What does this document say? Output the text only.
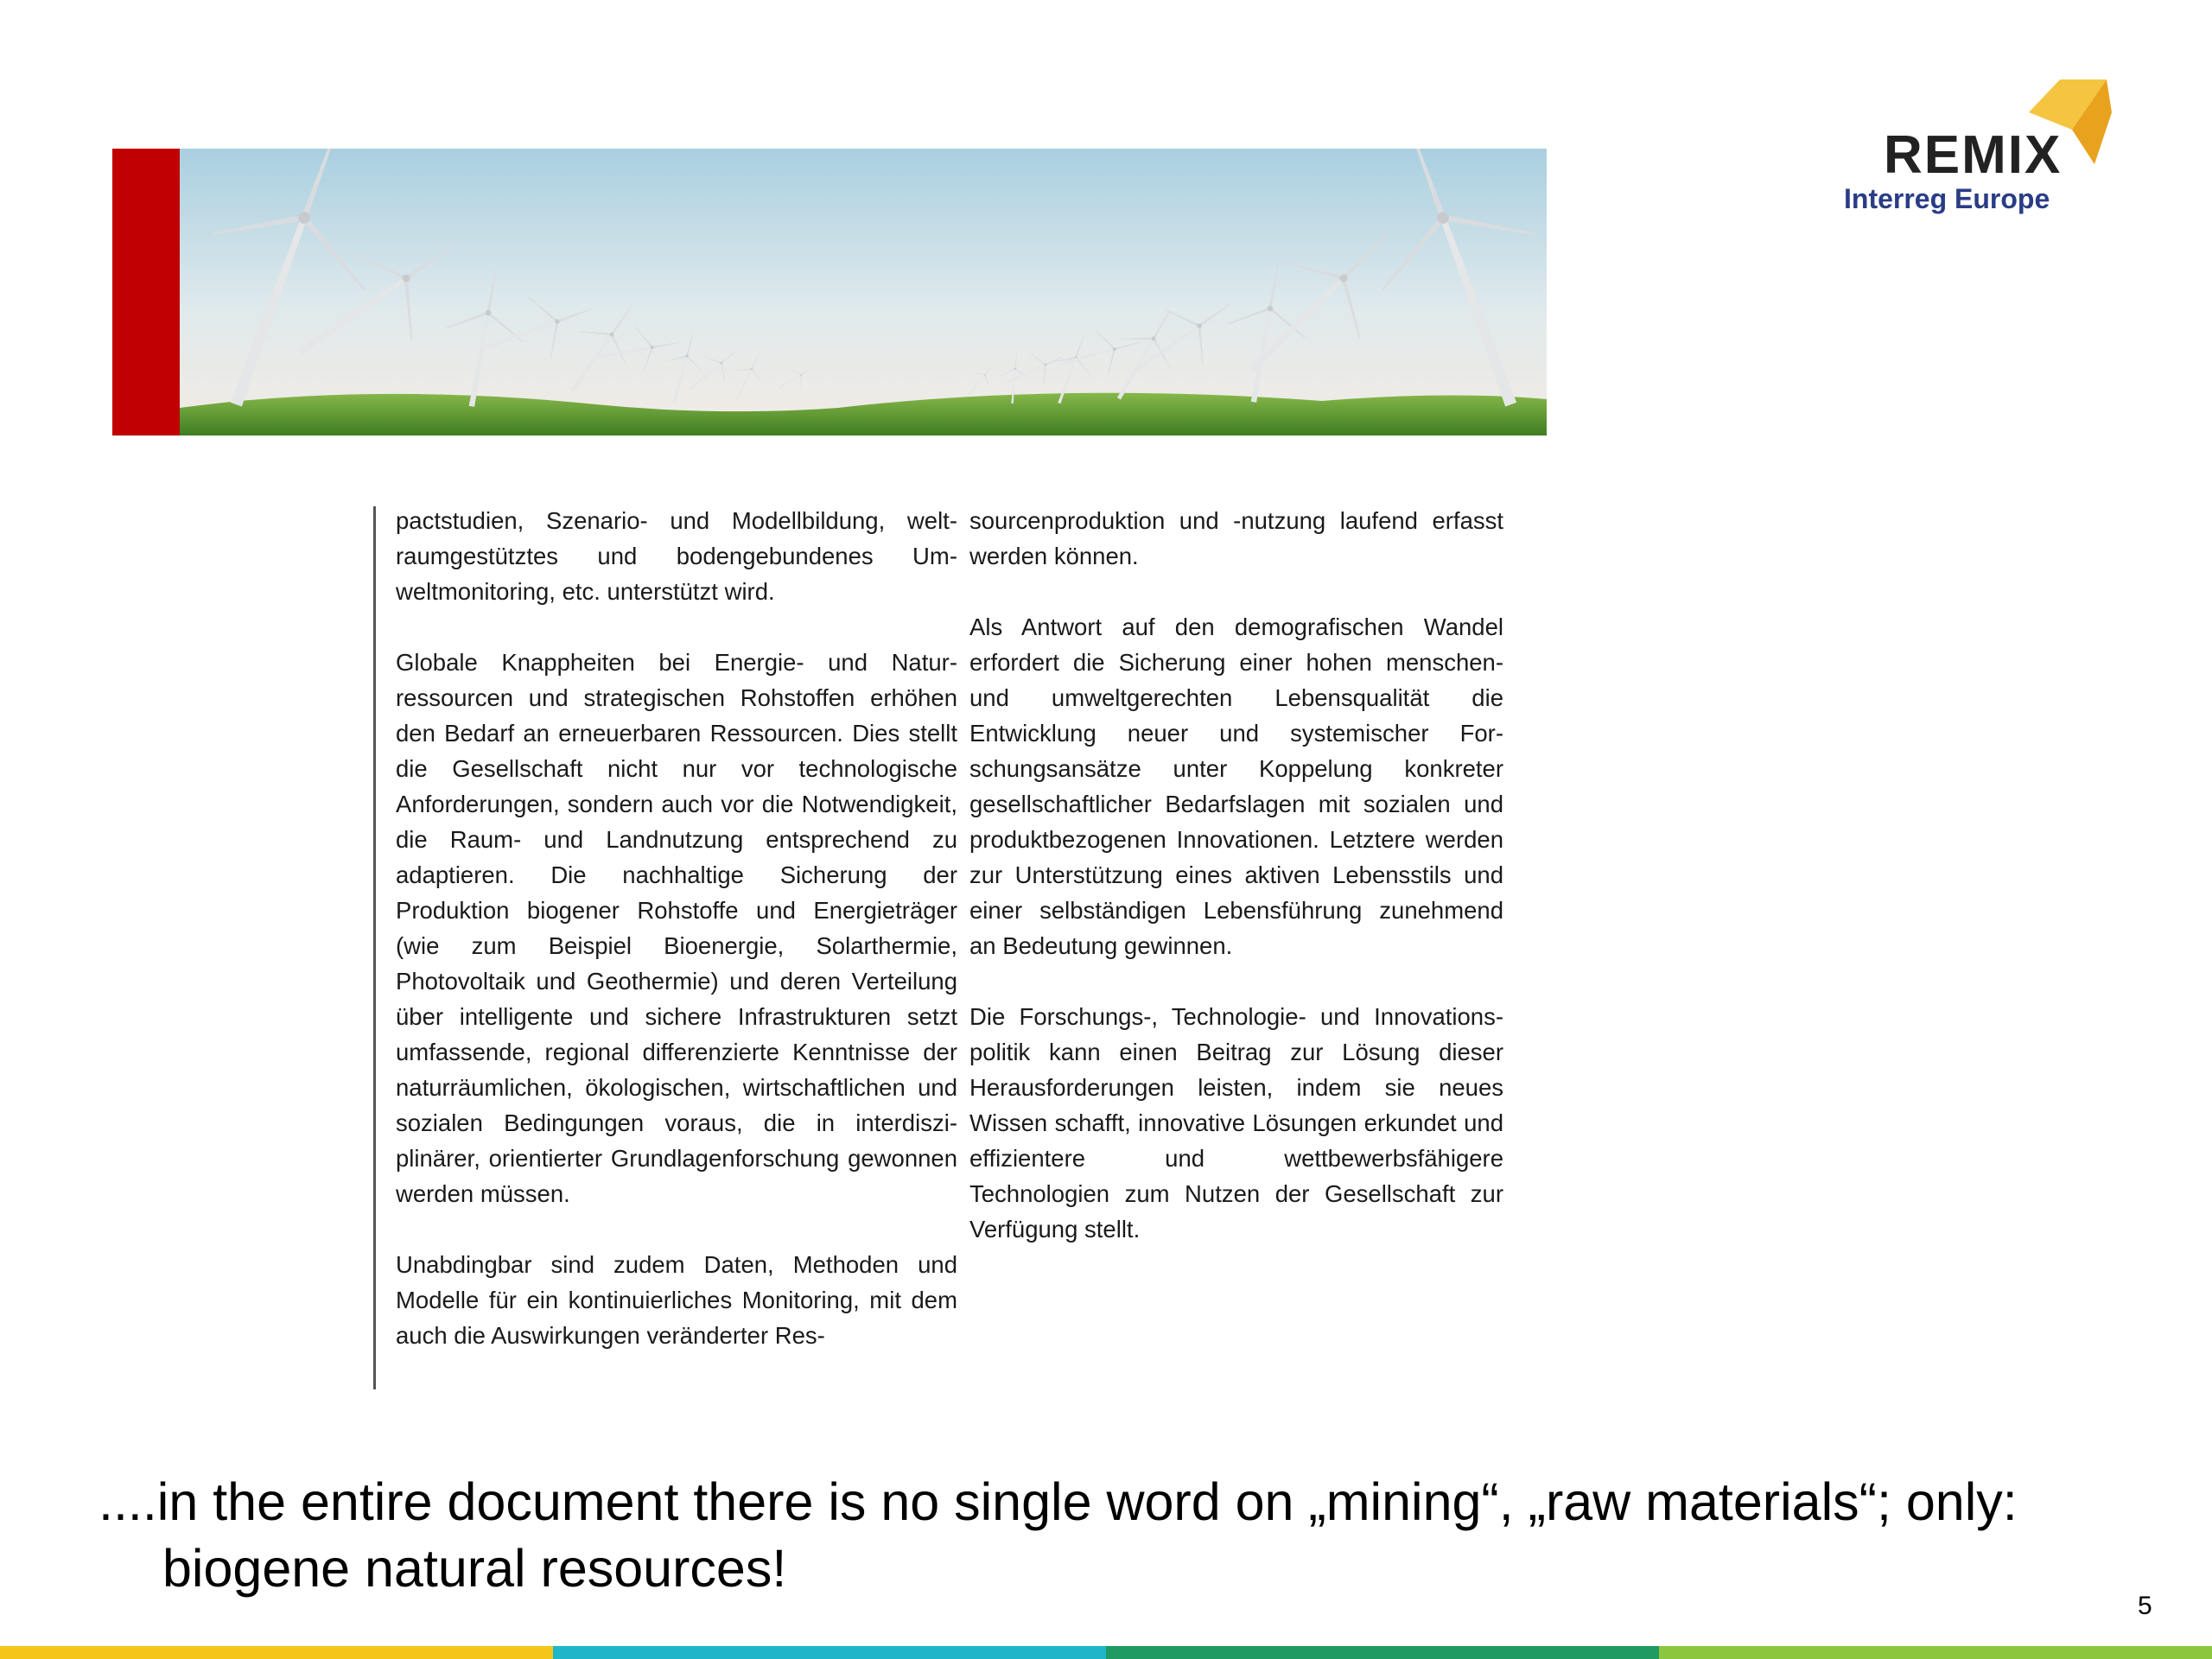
REMIX
Interreg Europe

pactstudien, Szenario- und Modellbildung, weltraumgestütztes und bodengebundenes Umweltmonitoring, etc. unterstützt wird.

Globale Knappheiten bei Energie- und Naturressourcen und strategischen Rohstoffen erhöhen den Bedarf an erneuerbaren Ressourcen. Dies stellt die Gesellschaft nicht nur vor technologische Anforderungen, sondern auch vor die Notwendigkeit, die Raum- und Landnutzung entsprechend zu adaptieren. Die nachhaltige Sicherung der Produktion biogener Rohstoffe und Energieträger (wie zum Beispiel Bioenergie, Solarthermie, Photovoltaik und Geothermie) und deren Verteilung über intelligente und sichere Infrastrukturen setzt umfassende, regional differenzierte Kenntnisse der naturräumlichen, ökologischen, wirtschaftlichen und sozialen Bedingungen voraus, die in interdisziplinärer, orientierter Grundlagenforschung gewonnen werden müssen.

Unabdingbar sind zudem Daten, Methoden und Modelle für ein kontinuierliches Monitoring, mit dem auch die Auswirkungen veränderter Res-

sourcenproduktion und -nutzung laufend erfasst werden können.

Als Antwort auf den demografischen Wandel erfordert die Sicherung einer hohen menschen- und umweltgerechten Lebensqualität die Entwicklung neuer und systemischer Forschungsansätze unter Koppelung konkreter gesellschaftlicher Bedarfslagen mit sozialen und produktbezogenen Innovationen. Letztere werden zur Unterstützung eines aktiven Lebensstils und einer selbständigen Lebensführung zunehmend an Bedeutung gewinnen.

Die Forschungs-, Technologie- und Innovationspolitik kann einen Beitrag zur Lösung dieser Herausforderungen leisten, indem sie neues Wissen schafft, innovative Lösungen erkundet und effizientere und wettbewerbsfähigere Technologien zum Nutzen der Gesellschaft zur Verfügung stellt.

....in the entire document there is no single word on „mining“, „raw materials“; only: biogene natural resources!
5
